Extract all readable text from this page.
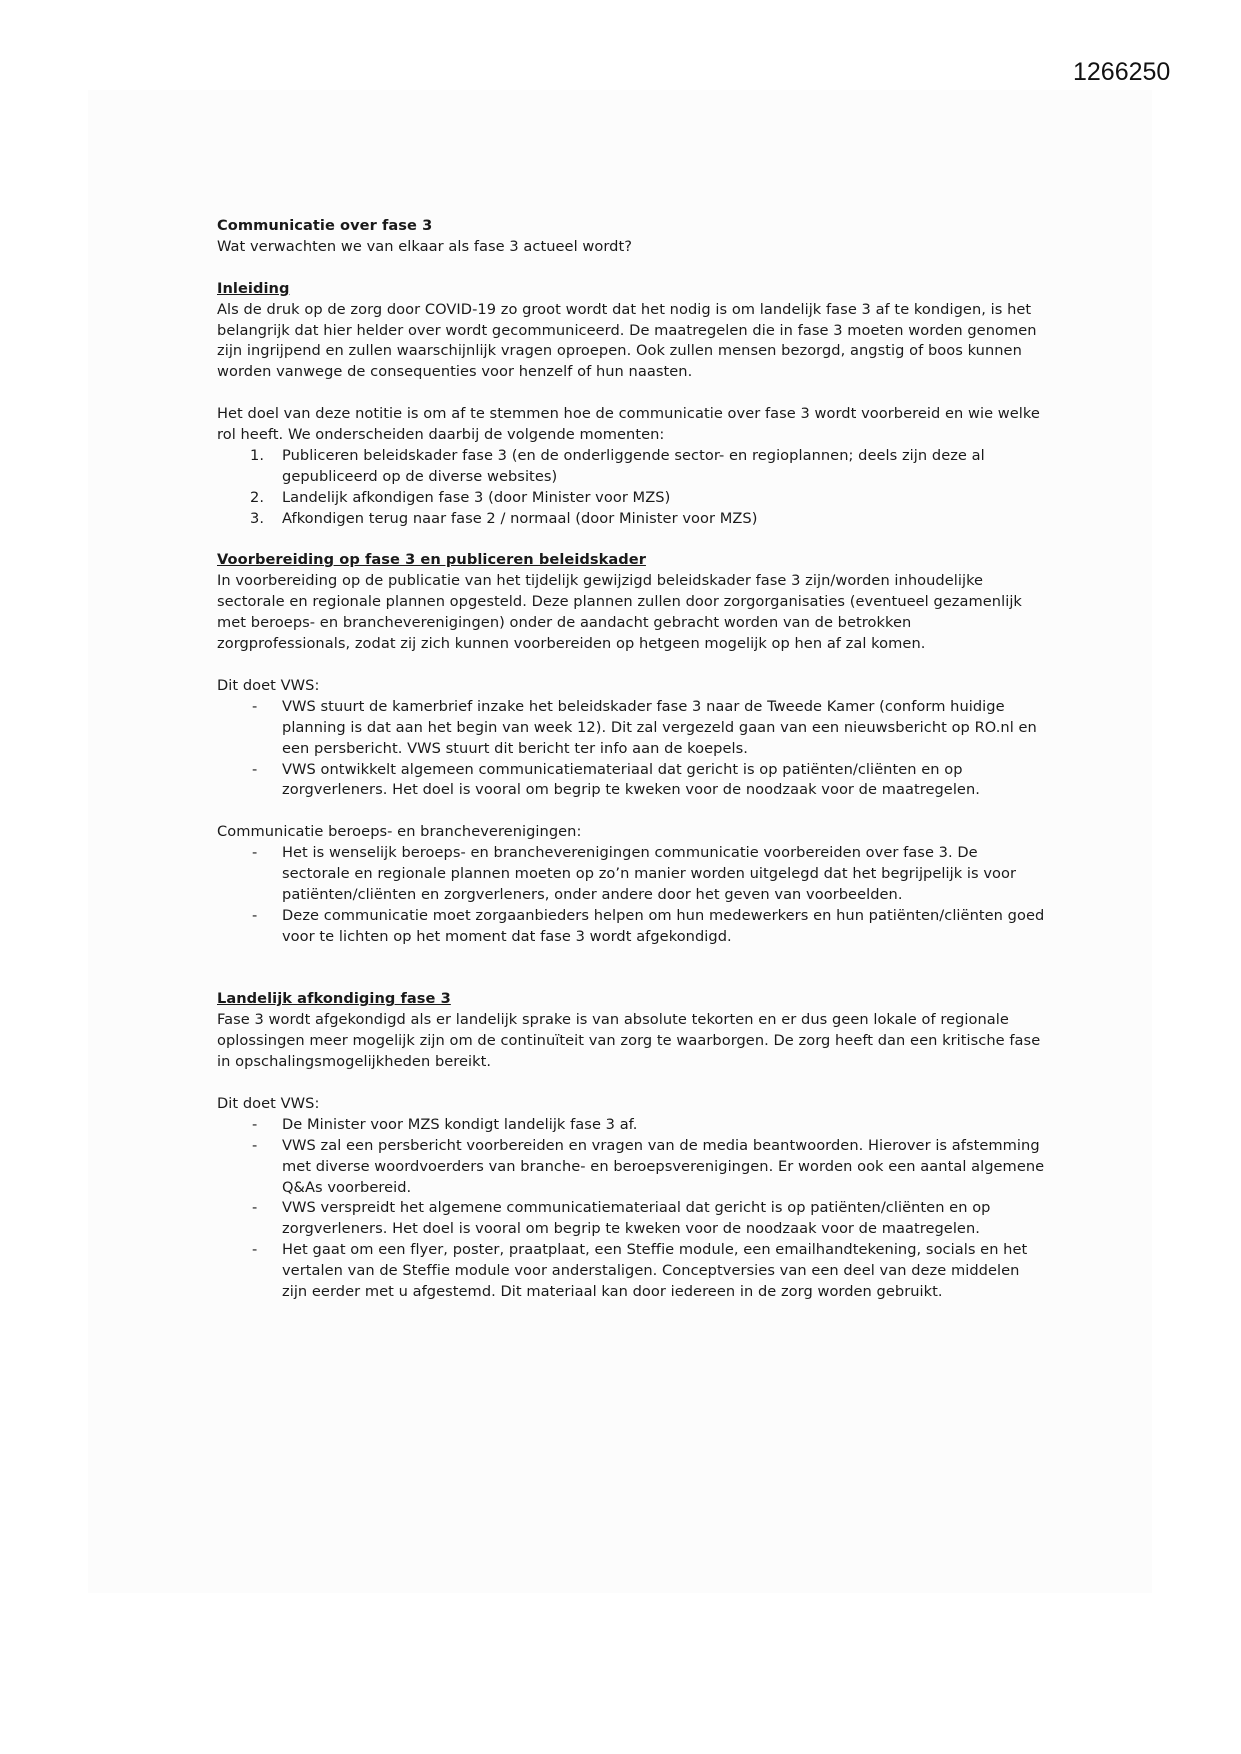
1266250

Communicatie over fase 3

Wat verwachten we van elkaar als fase 3 actueel wordt?

Inleiding

Als de druk op de zorg door COVID-19 zo groot wordt dat het nodig is om landelijk fase 3 af te kondigen, is het belangrijk dat hier helder over wordt gecommuniceerd. De maatregelen die in fase 3 moeten worden genomen zijn ingrijpend en zullen waarschijnlijk vragen oproepen. Ook zullen mensen bezorgd, angstig of boos kunnen worden vanwege de consequenties voor henzelf of hun naasten.

Het doel van deze notitie is om af te stemmen hoe de communicatie over fase 3 wordt voorbereid en wie welke rol heeft. We onderscheiden daarbij de volgende momenten:

1. Publiceren beleidskader fase 3 (en de onderliggende sector- en regioplannen; deels zijn deze al gepubliceerd op de diverse websites)
2. Landelijk afkondigen fase 3 (door Minister voor MZS)
3. Afkondigen terug naar fase 2 / normaal (door Minister voor MZS)

Voorbereiding op fase 3 en publiceren beleidskader

In voorbereiding op de publicatie van het tijdelijk gewijzigd beleidskader fase 3 zijn/worden inhoudelijke sectorale en regionale plannen opgesteld. Deze plannen zullen door zorgorganisaties (eventueel gezamenlijk met beroeps- en brancheverenigingen) onder de aandacht gebracht worden van de betrokken zorgprofessionals, zodat zij zich kunnen voorbereiden op hetgeen mogelijk op hen af zal komen.

Dit doet VWS:

- VWS stuurt de kamerbrief inzake het beleidskader fase 3 naar de Tweede Kamer (conform huidige planning is dat aan het begin van week 12). Dit zal vergezeld gaan van een nieuwsbericht op RO.nl en een persbericht. VWS stuurt dit bericht ter info aan de koepels.
- VWS ontwikkelt algemeen communicatiemateriaal dat gericht is op patiënten/cliënten en op zorgverleners. Het doel is vooral om begrip te kweken voor de noodzaak voor de maatregelen.

Communicatie beroeps- en brancheverenigingen:

- Het is wenselijk beroeps- en brancheverenigingen communicatie voorbereiden over fase 3. De sectorale en regionale plannen moeten op zo’n manier worden uitgelegd dat het begrijpelijk is voor patiënten/cliënten en zorgverleners, onder andere door het geven van voorbeelden.
- Deze communicatie moet zorgaanbieders helpen om hun medewerkers en hun patiënten/cliënten goed voor te lichten op het moment dat fase 3 wordt afgekondigd.

Landelijk afkondiging fase 3

Fase 3 wordt afgekondigd als er landelijk sprake is van absolute tekorten en er dus geen lokale of regionale oplossingen meer mogelijk zijn om de continuïteit van zorg te waarborgen. De zorg heeft dan een kritische fase in opschalingsmogelijkheden bereikt.

Dit doet VWS:

- De Minister voor MZS kondigt landelijk fase 3 af.
- VWS zal een persbericht voorbereiden en vragen van de media beantwoorden. Hierover is afstemming met diverse woordvoerders van branche- en beroepsverenigingen. Er worden ook een aantal algemene Q&As voorbereid.
- VWS verspreidt het algemene communicatiemateriaal dat gericht is op patiënten/cliënten en op zorgverleners. Het doel is vooral om begrip te kweken voor de noodzaak voor de maatregelen.
- Het gaat om een flyer, poster, praatplaat, een Steffie module, een emailhandtekening, socials en het vertalen van de Steffie module voor anderstaligen. Conceptversies van een deel van deze middelen zijn eerder met u afgestemd. Dit materiaal kan door iedereen in de zorg worden gebruikt.
